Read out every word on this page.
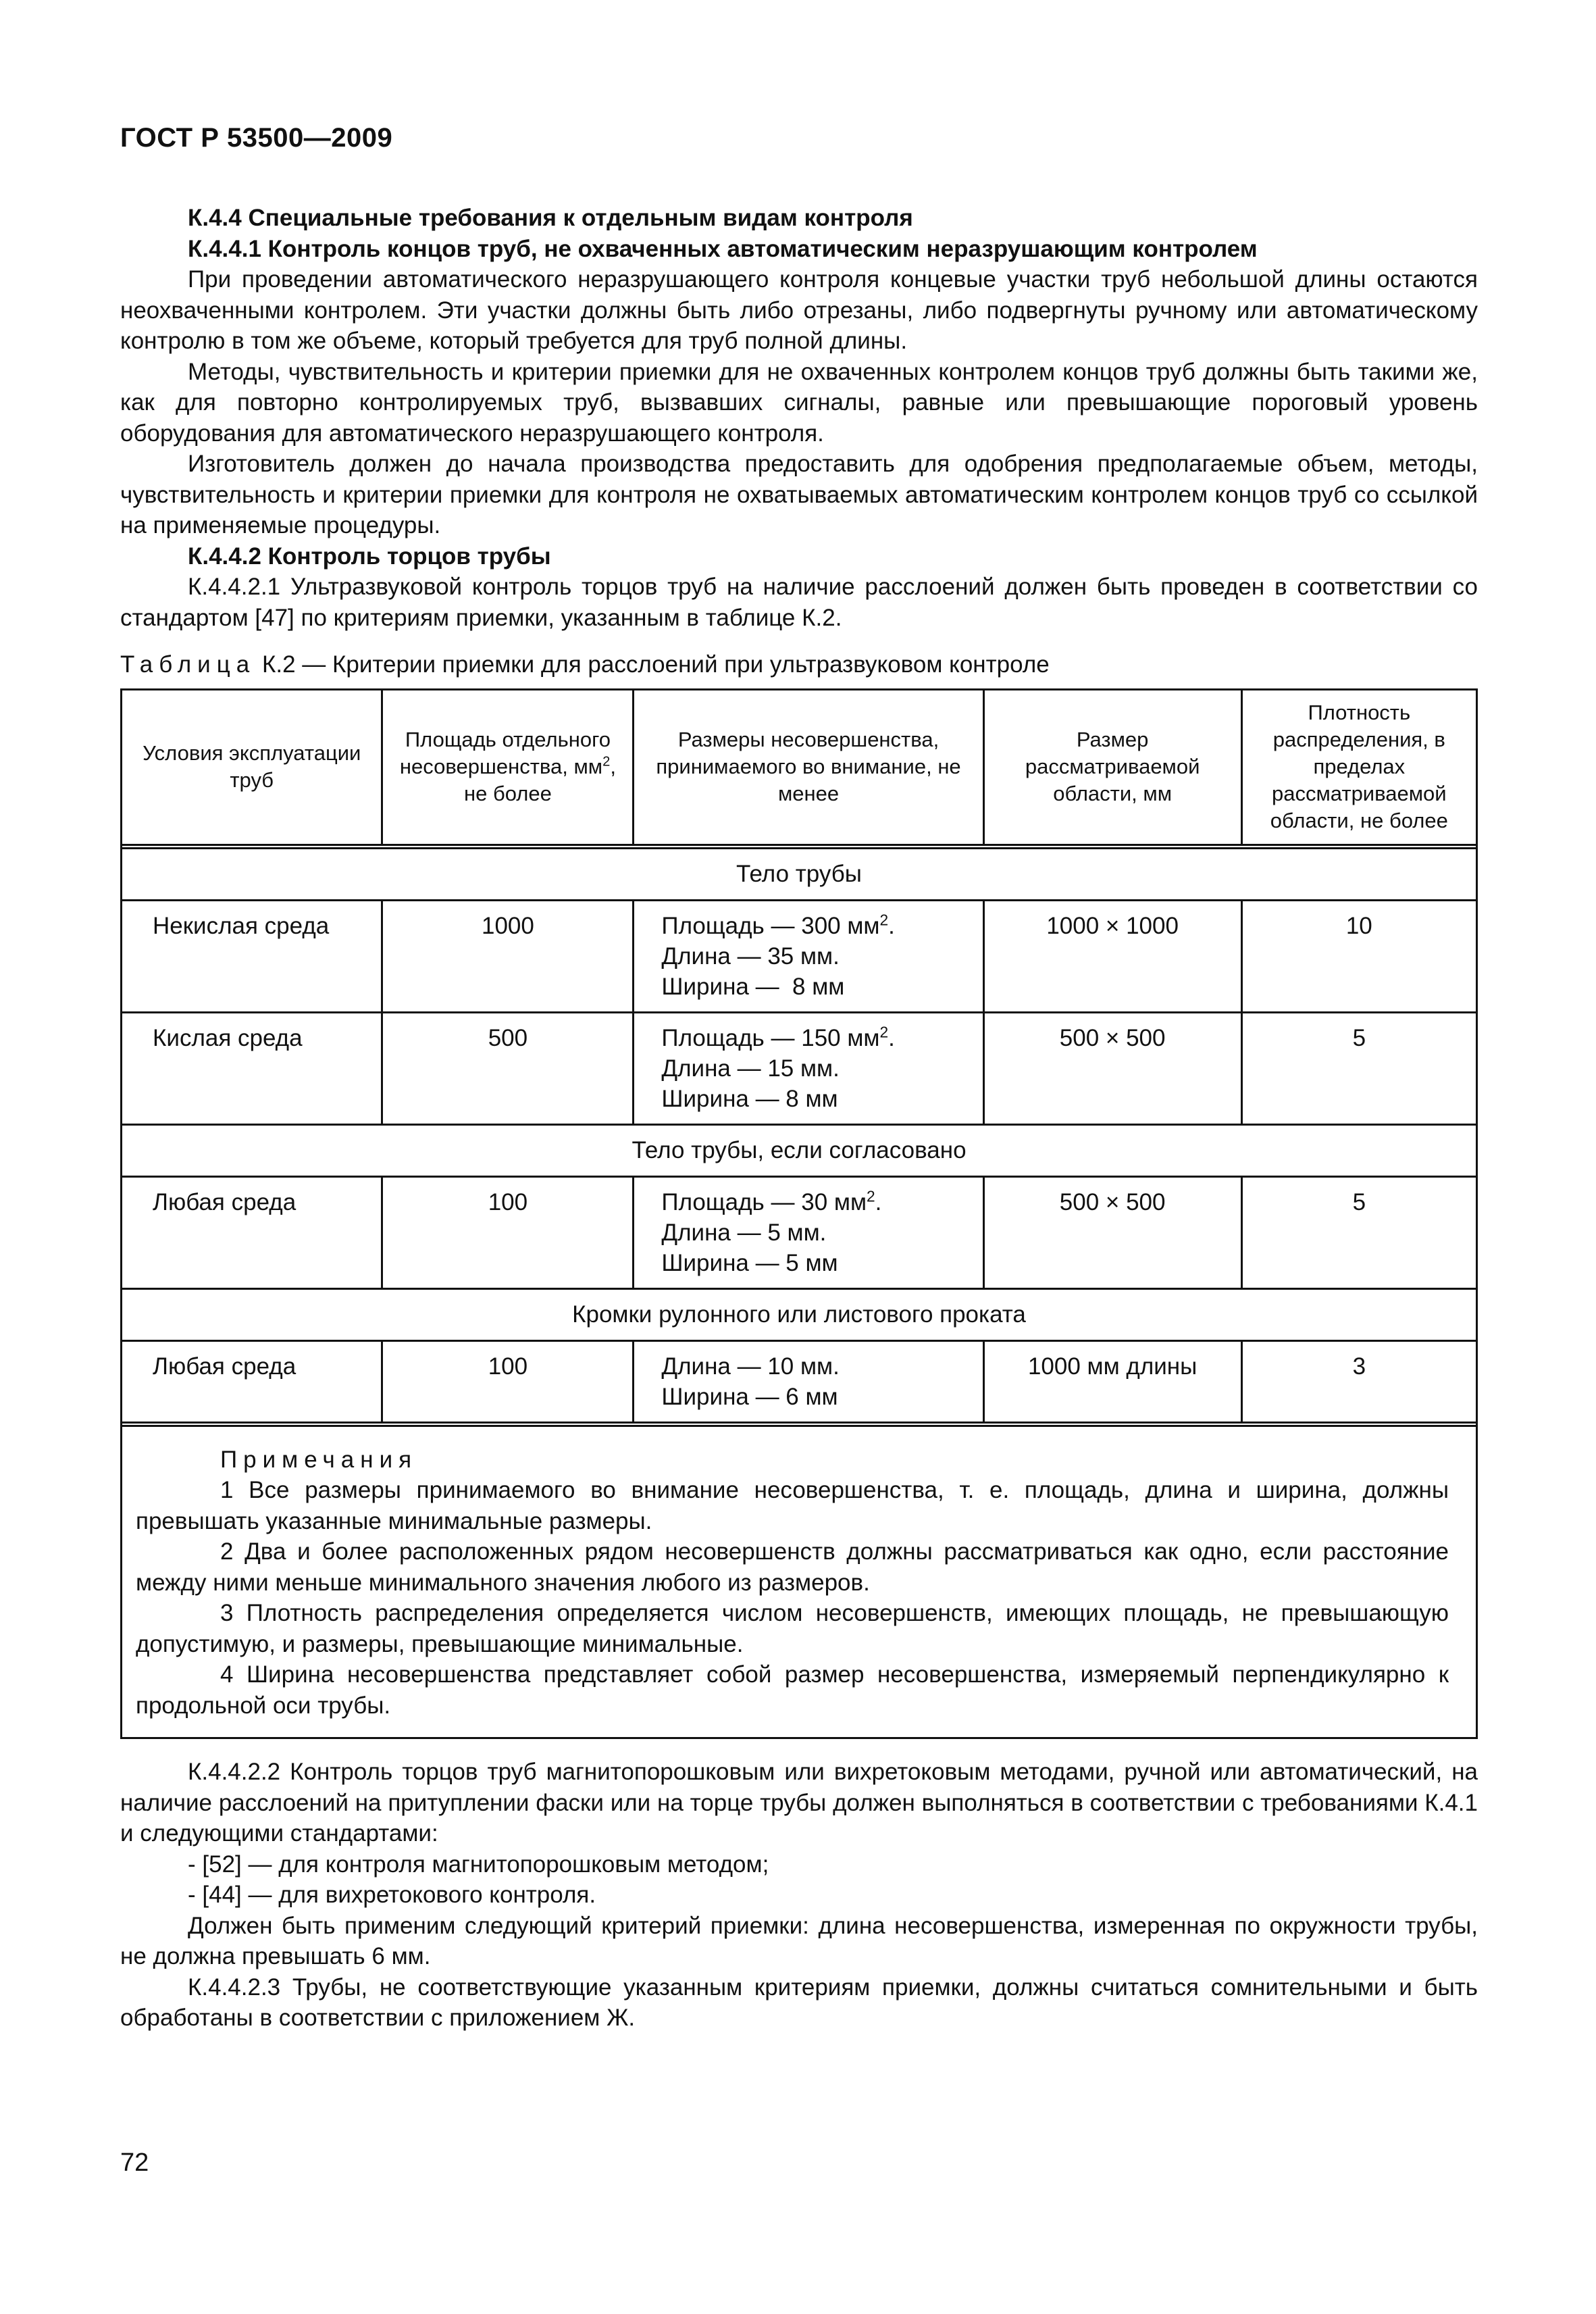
ГОСТ Р 53500—2009

К.4.4 Специальные требования к отдельным видам контроля

К.4.4.1 Контроль концов труб, не охваченных автоматическим неразрушающим контролем

При проведении автоматического неразрушающего контроля концевые участки труб небольшой длины остаются неохваченными контролем. Эти участки должны быть либо отрезаны, либо подвергнуты ручному или автоматическому контролю в том же объеме, который требуется для труб полной длины.

Методы, чувствительность и критерии приемки для не охваченных контролем концов труб должны быть такими же, как для повторно контролируемых труб, вызвавших сигналы, равные или превышающие пороговый уровень оборудования для автоматического неразрушающего контроля.

Изготовитель должен до начала производства предоставить для одобрения предполагаемые объем, методы, чувствительность и критерии приемки для контроля не охватываемых автоматическим контролем концов труб со ссылкой на применяемые процедуры.

К.4.4.2 Контроль торцов трубы

К.4.4.2.1 Ультразвуковой контроль торцов труб на наличие расслоений должен быть проведен в соответствии со стандартом [47] по критериям приемки, указанным в таблице К.2.

Таблица К.2 — Критерии приемки для расслоений при ультразвуковом контроле
Условия эксплуатации труб	Площадь отдельного несовершенства, $мм^2$, не более	Размеры несовершенства, принимаемого во внимание, не менее	Размер рассматриваемой области, мм	Плотность распределения, в пределах рассматриваемой области, не более

Тело трубы				
Некислая среда	1000	Площадь — 300 $мм^2$.
Длина — 35 мм.
Ширина —  8 мм	1000 × 1000	10
Кислая среда	500	Площадь — 150 $мм^2$.
Длина — 15 мм.
Ширина — 8 мм	500 × 500	5
Тело трубы, если согласовано				
Любая среда	100	Площадь — 30 $мм^2$.
Длина — 5 мм.
Ширина — 5 мм	500 × 500	5
Кромки рулонного или листового проката				
Любая среда	100	Длина — 10 мм.
Ширина — 6 мм	1000 мм длины	3

Примечания

1 Все размеры принимаемого во внимание несовершенства, т. е. площадь, длина и ширина, должны превышать указанные минимальные размеры.

2 Два и более расположенных рядом несовершенств должны рассматриваться как одно, если расстояние между ними меньше минимального значения любого из размеров.

3 Плотность распределения определяется числом несовершенств, имеющих площадь, не превышающую допустимую, и размеры, превышающие минимальные.

4 Ширина несовершенства представляет собой размер несовершенства, измеряемый перпендикулярно к продольной оси трубы.				

К.4.4.2.2 Контроль торцов труб магнитопорошковым или вихретоковым методами, ручной или автоматический, на наличие расслоений на притуплении фаски или на торце трубы должен выполняться в соответствии с требованиями К.4.1 и следующими стандартами:

- [52] — для контроля магнитопорошковым методом;

- [44] — для вихретокового контроля.

Должен быть применим следующий критерий приемки: длина несовершенства, измеренная по окружности трубы, не должна превышать 6 мм.

К.4.4.2.3 Трубы, не соответствующие указанным критериям приемки, должны считаться сомнительными и быть обработаны в соответствии с приложением Ж.

72
